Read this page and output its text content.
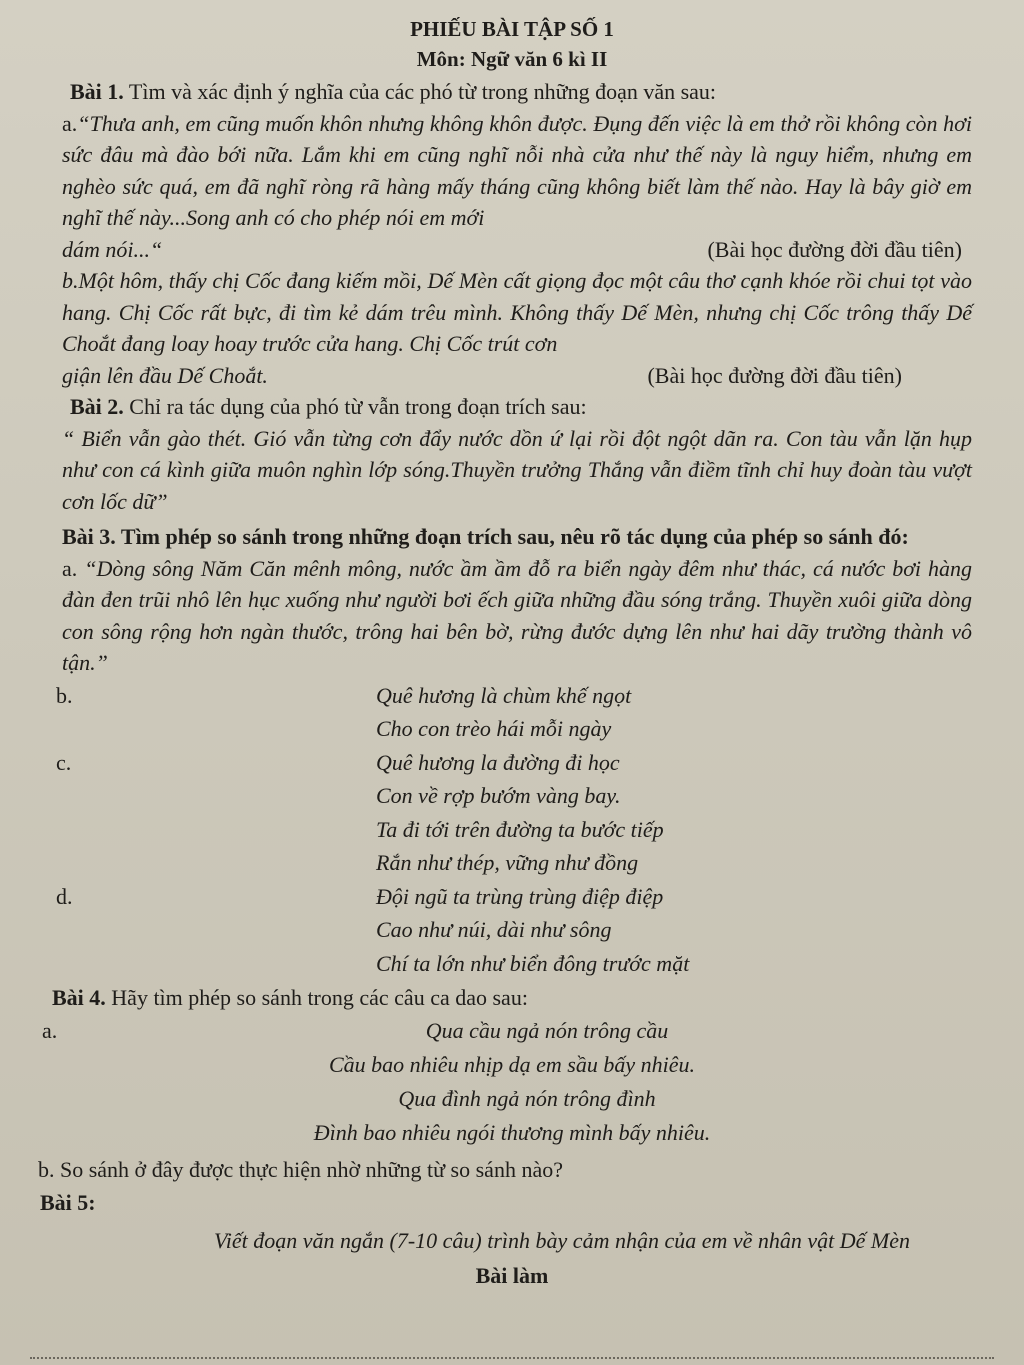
PHIẾU BÀI TẬP SỐ 1
Môn: Ngữ văn 6 kì II

Bài 1. Tìm và xác định ý nghĩa của các phó từ trong những đoạn văn sau:

a.“Thưa anh, em cũng muốn khôn nhưng không khôn được. Đụng đến việc là em thở rồi không còn hơi sức đâu mà đào bới nữa. Lắm khi em cũng nghĩ nỗi nhà cửa như thế này là nguy hiểm, nhưng em nghèo sức quá, em đã nghĩ ròng rã hàng mấy tháng cũng không biết làm thế nào. Hay là bây giờ em nghĩ thế này...Song anh có cho phép nói em mới

dám nói...“	(Bài học đường đời đầu tiên)

b.Một hôm, thấy chị Cốc đang kiếm mồi, Dế Mèn cất giọng đọc một câu thơ cạnh khóe rồi chui tọt vào hang. Chị Cốc rất bực, đi tìm kẻ dám trêu mình. Không thấy Dế Mèn, nhưng chị Cốc trông thấy Dế Choắt đang loay hoay trước cửa hang. Chị Cốc trút cơn

giận lên đầu Dế Choắt.	(Bài học đường đời đầu tiên)

Bài 2. Chỉ ra tác dụng của phó từ vẫn trong đoạn trích sau:

“ Biển vẫn gào thét. Gió vẫn từng cơn đẩy nước dồn ứ lại rồi đột ngột dãn ra. Con tàu vẫn lặn hụp như con cá kình giữa muôn nghìn lớp sóng.Thuyền trưởng Thắng vẫn điềm tĩnh chỉ huy đoàn tàu vượt cơn lốc dữ”

Bài 3. Tìm phép so sánh trong những đoạn trích sau, nêu rõ tác dụng của phép so sánh đó:

a. “Dòng sông Năm Căn mênh mông, nước ầm ầm đỗ ra biển ngày đêm như thác, cá nước bơi hàng đàn đen trũi nhô lên hục xuống như người bơi ếch giữa những đầu sóng trắng. Thuyền xuôi giữa dòng con sông rộng hơn ngàn thước, trông hai bên bờ, rừng đước dựng lên như hai dãy trường thành vô tận.”

b.	Quê hương là chùm khế ngọt
Cho con trèo hái mỗi ngày
c.	Quê hương la đường đi học
Con về rợp bướm vàng bay.
Ta đi tới trên đường ta bước tiếp
Rắn như thép, vững như đồng
d.	Đội ngũ ta trùng trùng điệp điệp
Cao như núi, dài như sông
Chí ta lớn như biển đông trước mặt

Bài 4. Hãy tìm phép so sánh trong các câu ca dao sau:

a.	Qua cầu ngả nón trông cầu
Cầu bao nhiêu nhịp dạ em sầu bấy nhiêu.
Qua đình ngả nón trông đình
Đình bao nhiêu ngói thương mình bấy nhiêu.

b. So sánh ở đây được thực hiện nhờ những từ so sánh nào?

Bài 5:

Viết đoạn văn ngắn (7-10 câu) trình bày cảm nhận của em về nhân vật Dế Mèn
Bài làm
